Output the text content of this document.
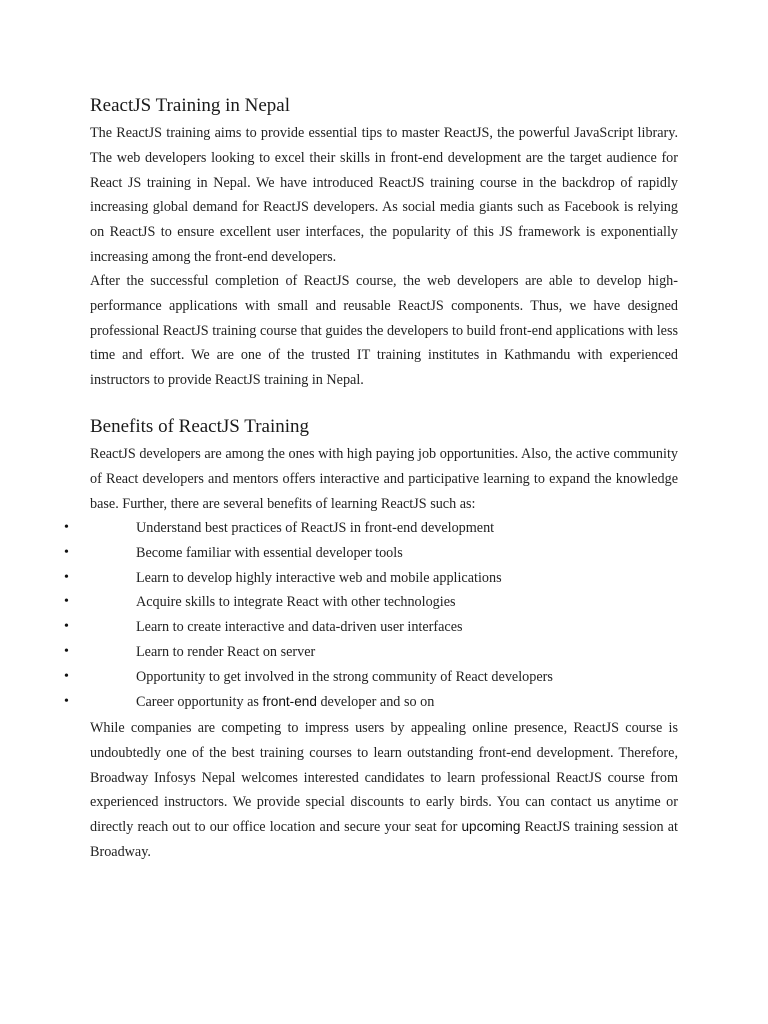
ReactJS Training in Nepal

The ReactJS training aims to provide essential tips to master ReactJS, the powerful JavaScript library. The web developers looking to excel their skills in front-end development are the target audience for React JS training in Nepal. We have introduced ReactJS training course in the backdrop of rapidly increasing global demand for ReactJS developers. As social media giants such as Facebook is relying on ReactJS to ensure excellent user interfaces, the popularity of this JS framework is exponentially increasing among the front-end developers.

After the successful completion of ReactJS course, the web developers are able to develop high-performance applications with small and reusable ReactJS components. Thus, we have designed professional ReactJS training course that guides the developers to build front-end applications with less time and effort. We are one of the trusted IT training institutes in Kathmandu with experienced instructors to provide ReactJS training in Nepal.

Benefits of ReactJS Training

ReactJS developers are among the ones with high paying job opportunities. Also, the active community of React developers and mentors offers interactive and participative learning to expand the knowledge base. Further, there are several benefits of learning ReactJS such as:

•	Understand best practices of ReactJS in front-end development
•	Become familiar with essential developer tools
•	Learn to develop highly interactive web and mobile applications
•	Acquire skills to integrate React with other technologies
•	Learn to create interactive and data-driven user interfaces
•	Learn to render React on server
•	Opportunity to get involved in the strong community of React developers
•	Career opportunity as front-end developer and so on

While companies are competing to impress users by appealing online presence, ReactJS course is undoubtedly one of the best training courses to learn outstanding front-end development. Therefore, Broadway Infosys Nepal welcomes interested candidates to learn professional ReactJS course from experienced instructors. We provide special discounts to early birds. You can contact us anytime or directly reach out to our office location and secure your seat for upcoming ReactJS training session at Broadway.
